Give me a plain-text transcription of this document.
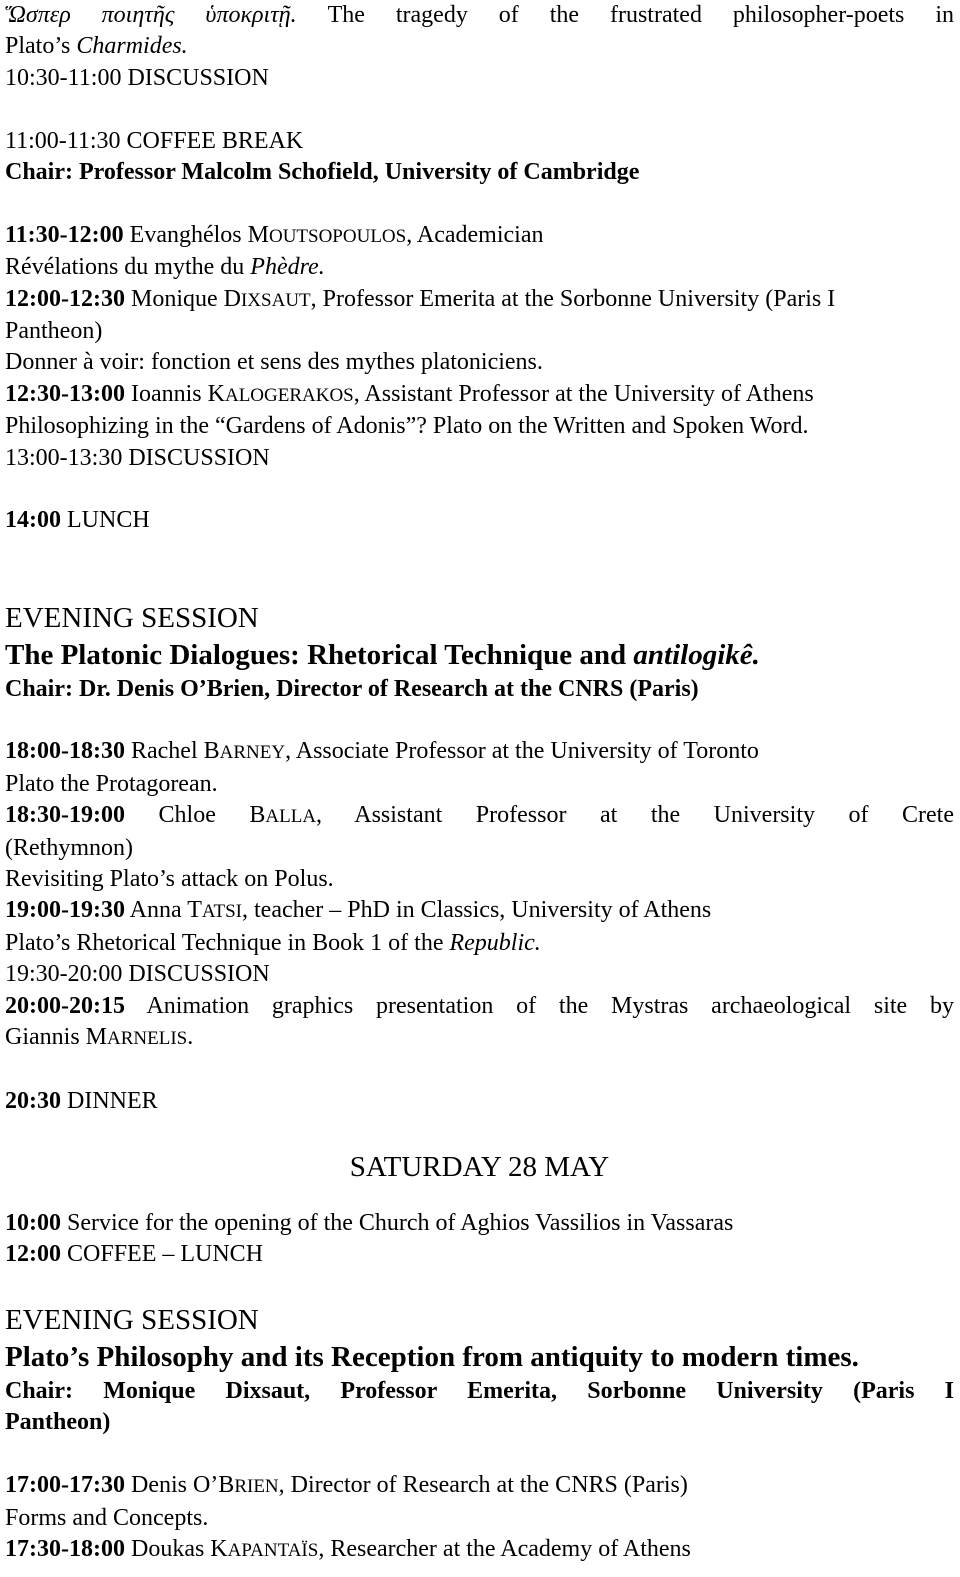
Ὥσπερ ποιητῆς ὑποκριτῇ. The tragedy of the frustrated philosopher-poets in

Plato’s Charmides.

10:30-11:00 DISCUSSION

11:00-11:30 COFFEE BREAK

Chair: Professor Malcolm Schofield, University of Cambridge

11:30-12:00 Evanghélos MOUTSOPOULOS, Academician

Révélations du mythe du Phèdre.

12:00-12:30 Monique DIXSAUT, Professor Emerita at the Sorbonne University (Paris I

Pantheon)

Donner à voir: fonction et sens des mythes platoniciens.

12:30-13:00 Ioannis KALOGERAKOS, Assistant Professor at the University of Athens

Philosophizing in the “Gardens of Adonis”? Plato on the Written and Spoken Word.

13:00-13:30 DISCUSSION

14:00 LUNCH

EVENING SESSION

The Platonic Dialogues: Rhetorical Technique and antilogikê.

Chair: Dr. Denis O’Brien, Director of Research at the CNRS (Paris)

18:00-18:30 Rachel BARNEY, Associate Professor at the University of Toronto

Plato the Protagorean.

18:30-19:00 Chloe BALLA, Assistant Professor at the University of Crete

(Rethymnon)

Revisiting Plato’s attack on Polus.

19:00-19:30 Anna TATSI, teacher – PhD in Classics, University of Athens

Plato’s Rhetorical Technique in Book 1 of the Republic.

19:30-20:00 DISCUSSION

20:00-20:15 Animation graphics presentation of the Mystras archaeological site by

Giannis MARNELIS.

20:30 DINNER

SATURDAY 28 MAY

10:00 Service for the opening of the Church of Aghios Vassilios in Vassaras

12:00 COFFEE – LUNCH

EVENING SESSION

Plato’s Philosophy and its Reception from antiquity to modern times.

Chair: Monique Dixsaut, Professor Emerita, Sorbonne University (Paris I

Pantheon)

17:00-17:30 Denis O’BRIEN, Director of Research at the CNRS (Paris)

Forms and Concepts.

17:30-18:00 Doukas KAPANTAÏS, Researcher at the Academy of Athens
